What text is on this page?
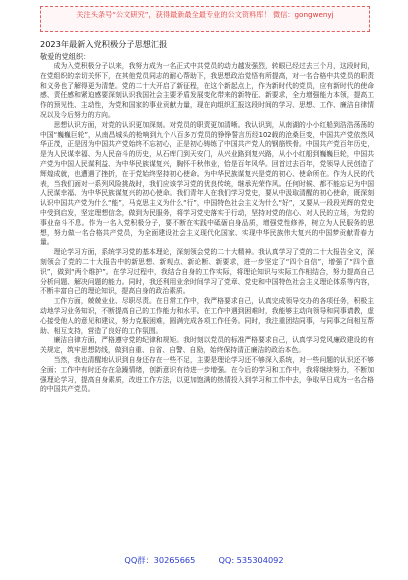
关注头条号“公文研究”，获得最新最全最专业的公文资料库！ 微信：gongwenyj
2023年最新入党积极分子思想汇报
敬爱的党组织：

成为入党积极分子以来，我努力成为一名正式中共党员的动力越发强烈，转眼已经过去三个月，这段时间，在党组织的亲切关怀下，在其他党员同志的耐心帮助下，我思想政治觉悟有所提高，对一名合格中共党员的职责和义务也了解得更为清楚。党的二十大开启了新征程，在这个新起点上，作为新时代的党员，应有新时代的使命感、责任感和紧迫感要深刻认识我国社会主要矛盾发展变化带来的新特征、新要求，全力增强能力本领，提高工作的预见性、主动性，为党和国家的事业贡献力量，现在向组织汇报这段时间的学习、思想、工作、廉洁自律情况以及今后努力的方向。

思想认识方面，对党的认识更加深刻。对党员的职责更加清晰。我认识到，从南湖的小小红船到浩浩荡荡的中国“巍巍巨轮”，从南昌城头的枪响到九个八百多万党员的铮铮誓言历经102载的沧桑巨变，中国共产党依然风华正茂，正是因为中国共产党始终不忘初心，正是初心铸练了中国共产党人的钢筋铁骨。中国共产党百年历史，是为人民谋幸福、为人民奋斗的历史，从石库门到天安门，从兴业路到复兴路，从小小红船到巍巍巨轮，中国共产党为中国人民谋利益、为中华民族谋复兴，胸怀千秋伟业，恰是百年风华。回首过去百年，党领导人民创造了辉煌成就，也遭遇了挫折，在于党始终坚持初心使命。为中华民族谋复兴是党的初心、使命所在。作为人民的代表，当我们面对一系列风险挑战时，我们应该学习党的优良传统，继承光荣作风。任何时候、都不能忘记为中国人民谋幸福、为中华民族谋复兴的初心使命。我们青年人在我们学习党史，要从中汲取清醒的初心使命，既深刻认识中国共产党为什么“能”，马克思主义为什么“行”，中国特色社会主义为什么“好”，又要从一段段光辉的党史中受到启发，坚定理想信念，做到为民服务，将学习党史落实于行动，坚持对党的信心、对人民的立场，为党的事业奋斗不息。作为一名入党积极分子，要不断在实践中砥砺自身品质，增强党性修养，树立为人民服务的思想，努力做一名合格共产党员，为全面建设社会主义现代化国家、实现中华民族伟大复兴的中国梦贡献青春力量。

理论学习方面，系统学习党的基本理论，深刻领会党的二十大精神。我认真学习了党的二十大报告全文，深刻领会了党的二十大报告中的新思想、新观点、新论断、新要求，进一步坚定了“四个自信”，增强了“四个意识”，做到“两个维护”。在学习过程中，我结合自身的工作实际，将理论知识与实际工作相结合，努力提高自己分析问题、解决问题的能力。同时，我还利用业余时间学习了党章、党史和中国特色社会主义理论体系等内容，不断丰富自己的理论知识，提高自身的政治素质。

工作方面，兢兢业业、尽职尽责。在日常工作中，我严格要求自己，认真完成领导交办的各项任务，积极主动地学习业务知识，不断提高自己的工作能力和水平。在工作中遇到困难时，我能够主动向领导和同事请教，虚心接受他人的意见和建议，努力克服困难，圆满完成各项工作任务。同时，我注重团结同事，与同事之间相互帮助、相互支持，营造了良好的工作氛围。

廉洁自律方面，严格遵守党的纪律和规矩。我时刻以党员的标准严格要求自己，认真学习党风廉政建设的有关规定，筑牢思想防线，做到自重、自省、自警、自励，始终保持清正廉洁的政治本色。

当然，我也清醒地认识到自身还存在一些不足，主要是理论学习还不够深入系统，对一些问题的认识还不够全面；工作中有时还存在急躁情绪，创新意识有待进一步增强。在今后的学习和工作中，我将继续努力，不断加强理论学习，提高自身素质，改进工作方法，以更加饱满的热情投入到学习和工作中去，争取早日成为一名合格的中国共产党员。

QQ群：30265665	QQ: 535304092
